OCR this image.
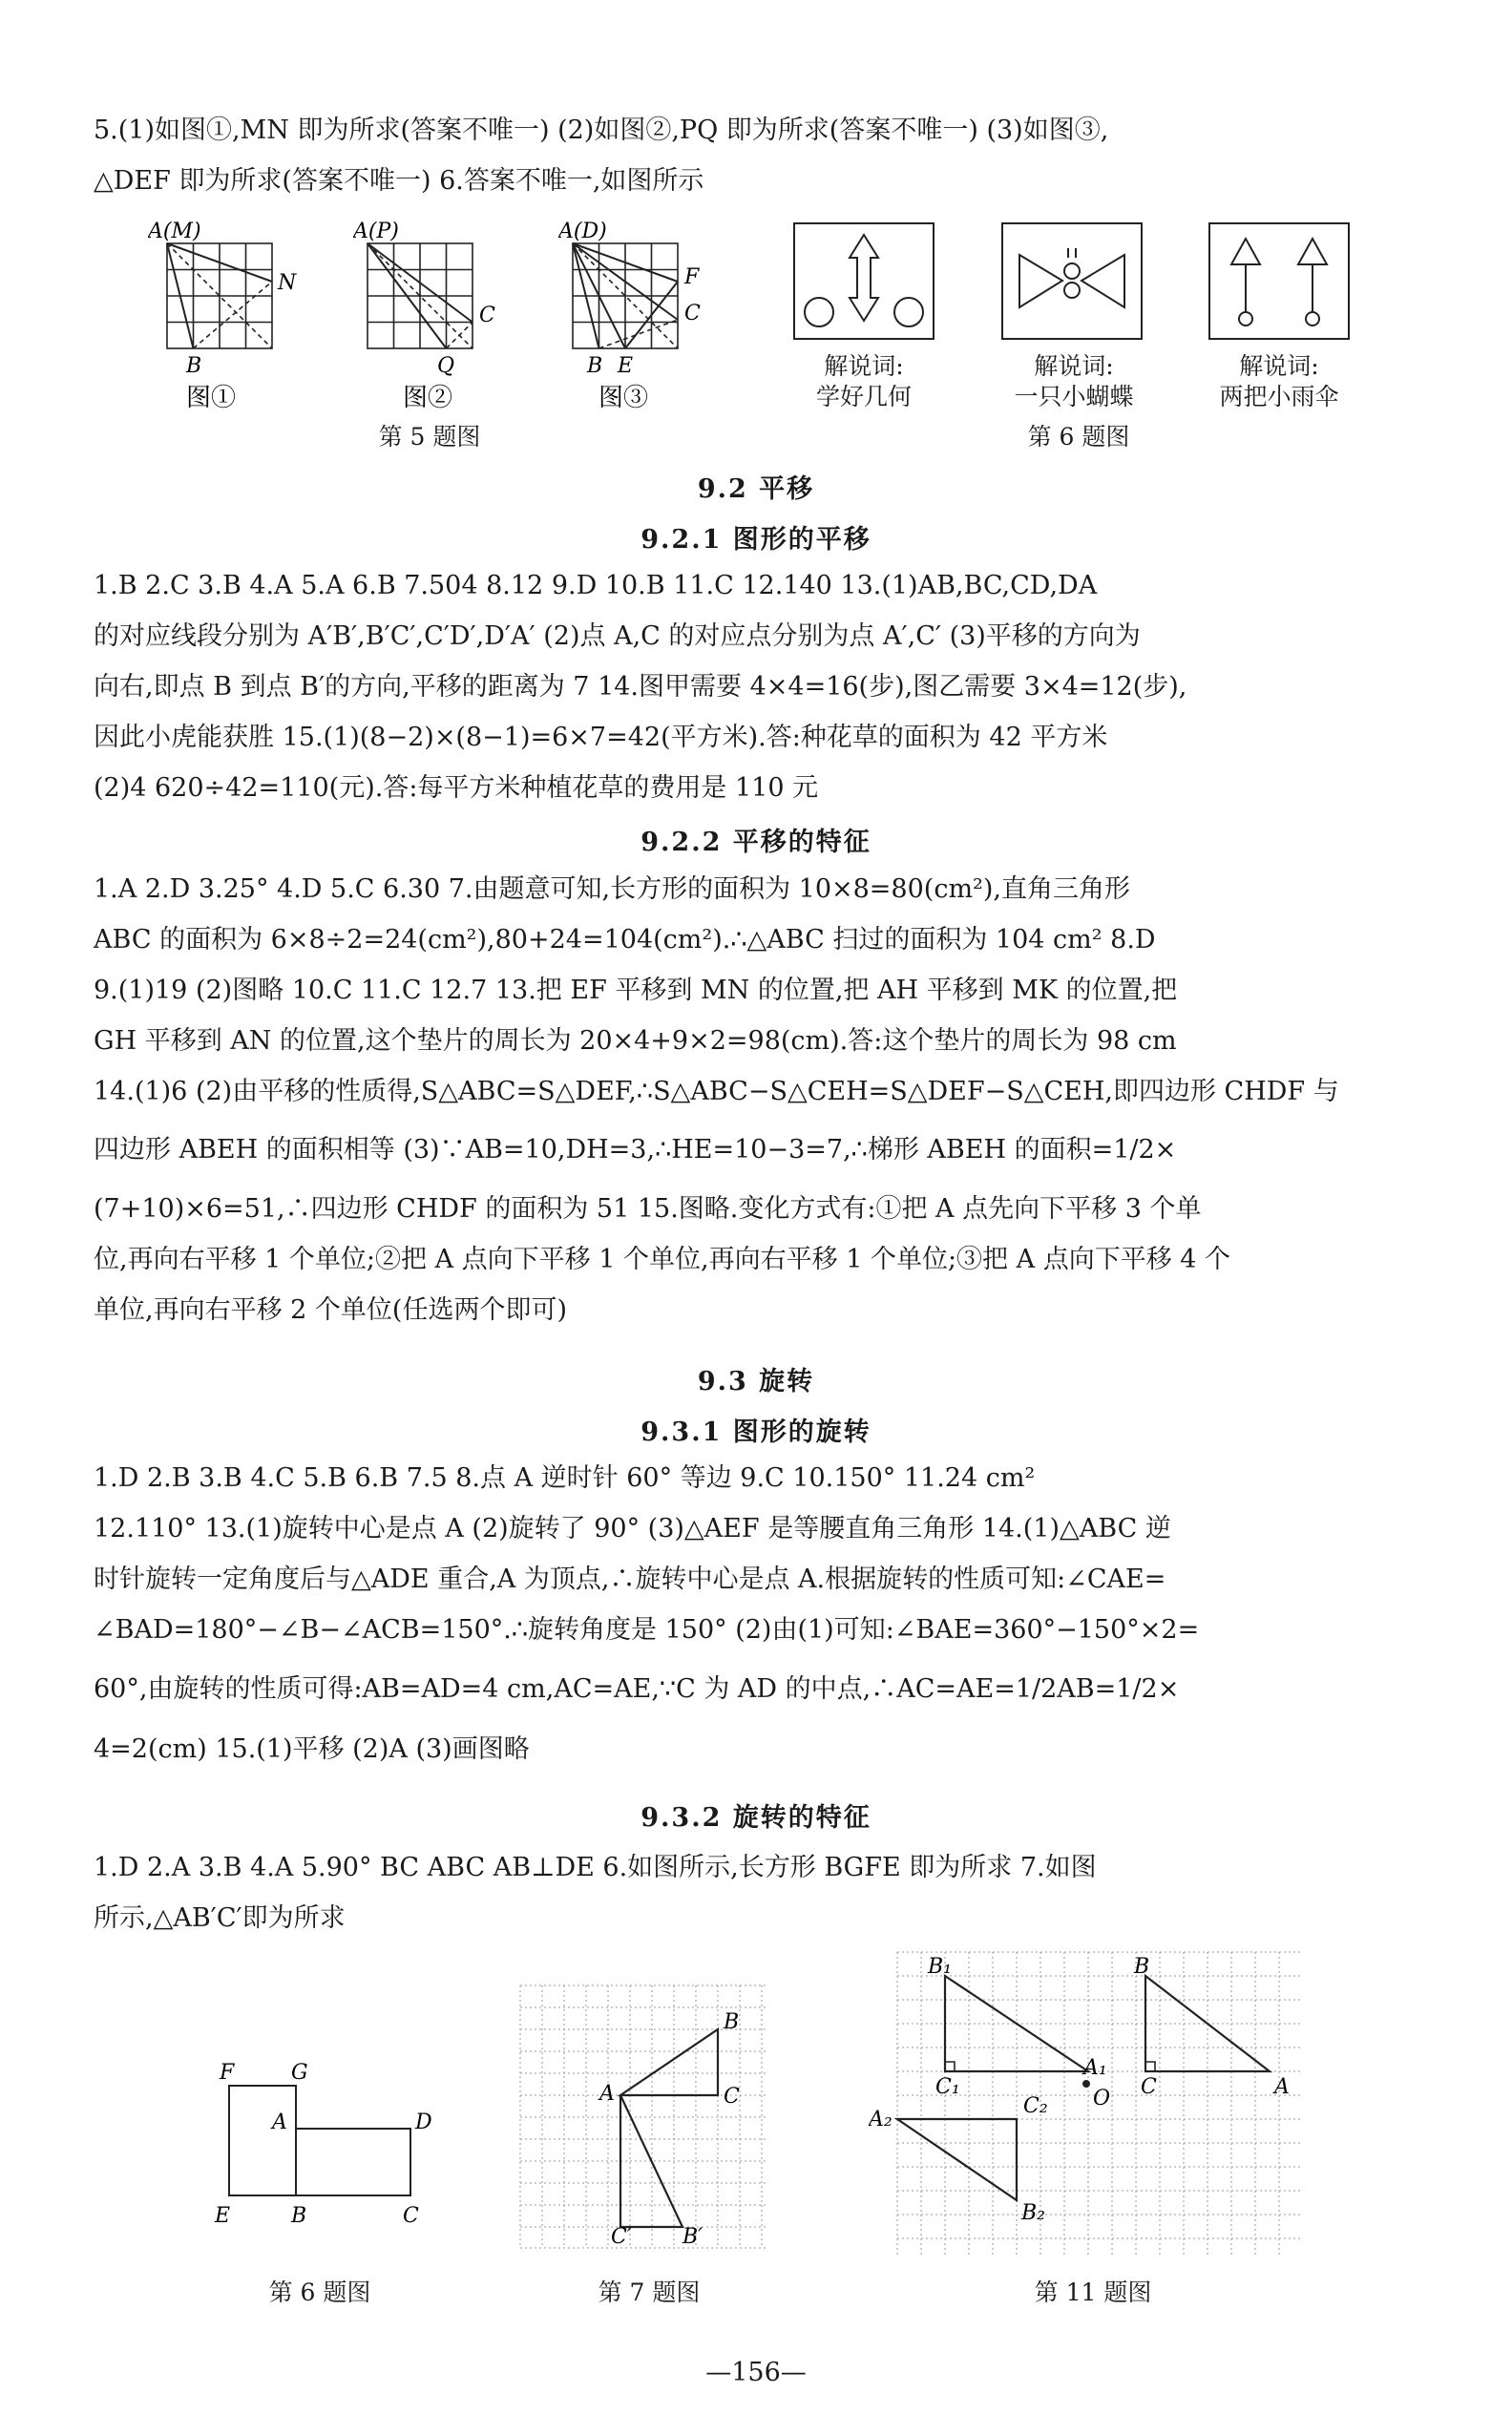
5.(1)如图①,MN 即为所求(答案不唯一) (2)如图②,PQ 即为所求(答案不唯一) (3)如图③,

△DEF 即为所求(答案不唯一) 6.答案不唯一,如图所示

A(M)
N
B
图①
A(P)
C
Q
图②
A(D)
F
C
B E
图③
第 5 题图
解说词:
学好几何
解说词:
一只小蝴蝶
解说词:
两把小雨伞
第 6 题图
9.2 平移
9.2.1 图形的平移

1.B 2.C 3.B 4.A 5.A 6.B 7.504 8.12 9.D 10.B 11.C 12.140 13.(1)AB,BC,CD,DA

的对应线段分别为 A′B′,B′C′,C′D′,D′A′ (2)点 A,C 的对应点分别为点 A′,C′ (3)平移的方向为

向右,即点 B 到点 B′的方向,平移的距离为 7 14.图甲需要 4×4=16(步),图乙需要 3×4=12(步),

因此小虎能获胜 15.(1)(8−2)×(8−1)=6×7=42(平方米).答:种花草的面积为 42 平方米

(2)4 620÷42=110(元).答:每平方米种植花草的费用是 110 元

9.2.2 平移的特征

1.A 2.D 3.25° 4.D 5.C 6.30 7.由题意可知,长方形的面积为 10×8=80(cm²),直角三角形

ABC 的面积为 6×8÷2=24(cm²),80+24=104(cm²).∴△ABC 扫过的面积为 104 cm² 8.D

9.(1)19 (2)图略 10.C 11.C 12.7 13.把 EF 平移到 MN 的位置,把 AH 平移到 MK 的位置,把

GH 平移到 AN 的位置,这个垫片的周长为 20×4+9×2=98(cm).答:这个垫片的周长为 98 cm

14.(1)6 (2)由平移的性质得,S△ABC=S△DEF,∴S△ABC−S△CEH=S△DEF−S△CEH,即四边形 CHDF 与

四边形 ABEH 的面积相等 (3)∵AB=10,DH=3,∴HE=10−3=7,∴梯形 ABEH 的面积=1/2×

(7+10)×6=51,∴四边形 CHDF 的面积为 51 15.图略.变化方式有:①把 A 点先向下平移 3 个单

位,再向右平移 1 个单位;②把 A 点向下平移 1 个单位,再向右平移 1 个单位;③把 A 点向下平移 4 个

单位,再向右平移 2 个单位(任选两个即可)

9.3 旋转
9.3.1 图形的旋转

1.D 2.B 3.B 4.C 5.B 6.B 7.5 8.点 A 逆时针 60° 等边 9.C 10.150° 11.24 cm²

12.110° 13.(1)旋转中心是点 A (2)旋转了 90° (3)△AEF 是等腰直角三角形 14.(1)△ABC 逆

时针旋转一定角度后与△ADE 重合,A 为顶点,∴旋转中心是点 A.根据旋转的性质可知:∠CAE=

∠BAD=180°−∠B−∠ACB=150°.∴旋转角度是 150° (2)由(1)可知:∠BAE=360°−150°×2=

60°,由旋转的性质可得:AB=AD=4 cm,AC=AE,∵C 为 AD 的中点,∴AC=AE=1/2AB=1/2×

4=2(cm) 15.(1)平移 (2)A (3)画图略

9.3.2 旋转的特征

1.D 2.A 3.B 4.A 5.90° BC ABC AB⊥DE 6.如图所示,长方形 BGFE 即为所求 7.如图

所示,△AB′C′即为所求

F	G
A	D
E	B	C
第 6 题图
B
A	C
C′ B′
第 7 题图
B₁
C₁
A₁
B
C	A
O
C₂
A₂
B₂
第 11 题图
—156—
